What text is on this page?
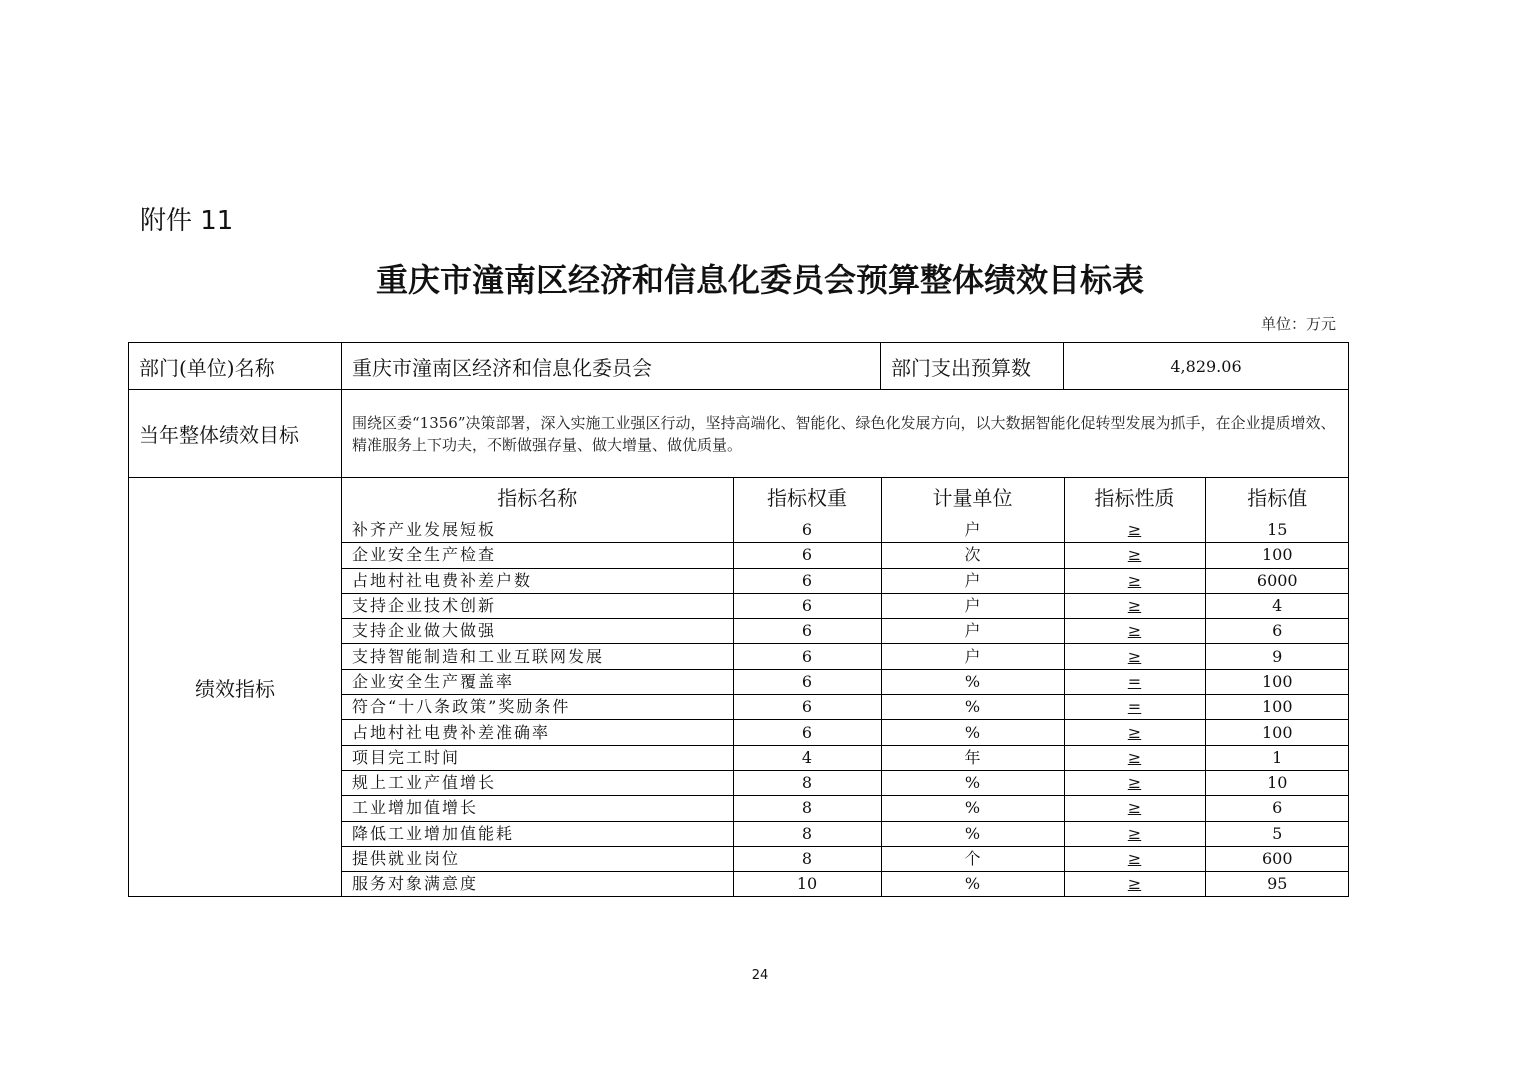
附件 11
重庆市潼南区经济和信息化委员会预算整体绩效目标表
单位：万元
部门(单位)名称	重庆市潼南区经济和信息化委员会	部门支出预算数	4,829.06
当年整体绩效目标	围绕区委“1356”决策部署，深入实施工业强区行动，坚持高端化、智能化、绿色化发展方向，以大数据智能化促转型发展为抓手，在企业提质增效、精准服务上下功夫，不断做强存量、做大增量、做优质量。
绩效指标	
指标名称	指标权重	计量单位	指标性质	指标值
补齐产业发展短板	6	户	≥	15
企业安全生产检查	6	次	≥	100
占地村社电费补差户数	6	户	≥	6000
支持企业技术创新	6	户	≥	4
支持企业做大做强	6	户	≥	6
支持智能制造和工业互联网发展	6	户	≥	9
企业安全生产覆盖率	6	%	=	100
符合“十八条政策”奖励条件	6	%	=	100
占地村社电费补差准确率	6	%	≥	100
项目完工时间	4	年	≥	1
规上工业产值增长	8	%	≥	10
工业增加值增长	8	%	≥	6
降低工业增加值能耗	8	%	≥	5
提供就业岗位	8	个	≥	600
服务对象满意度	10	%	≥	95
24
